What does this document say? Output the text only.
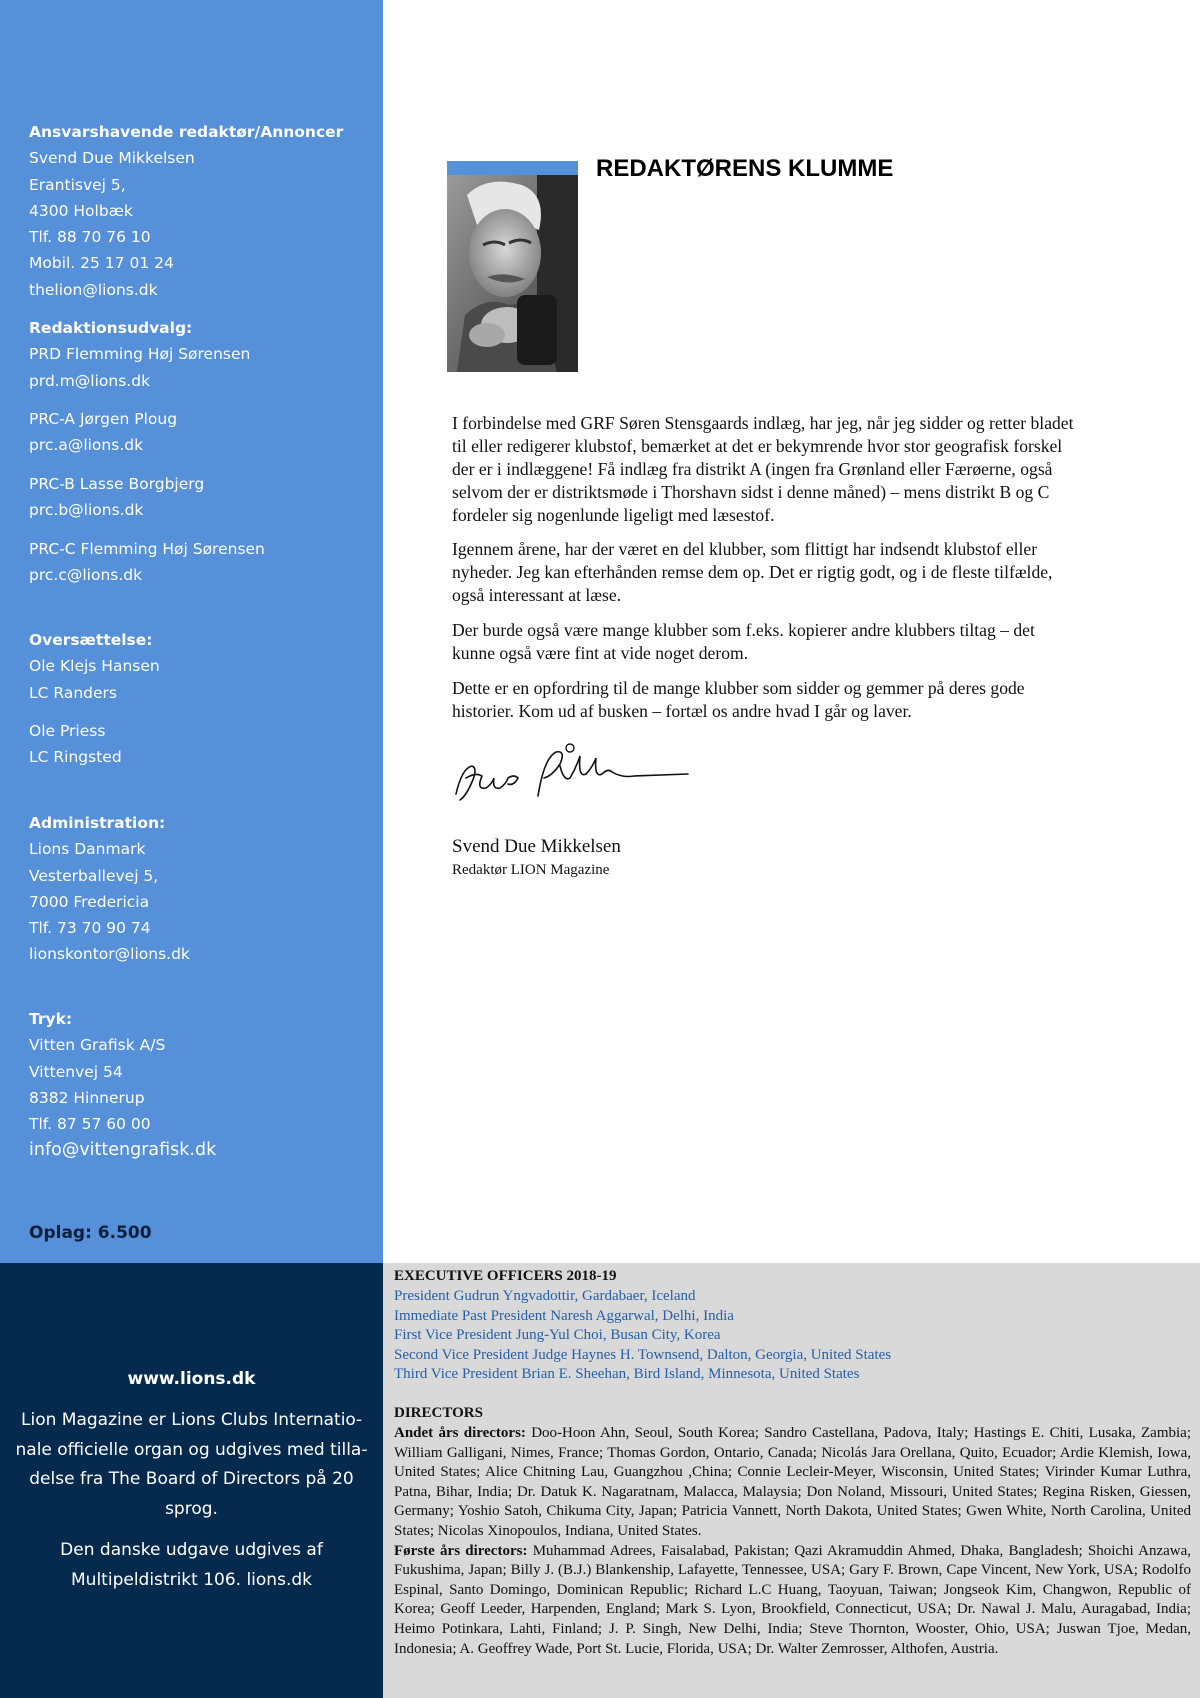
Ansvarshavende redaktør/Annoncer
Svend Due Mikkelsen
Erantisvej 5,
4300 Holbæk
Tlf. 88 70 76 10
Mobil. 25 17 01 24
thelion@lions.dk
Redaktionsudvalg:
PRD Flemming Høj Sørensen
prd.m@lions.dk
PRC-A Jørgen Ploug
prc.a@lions.dk
PRC-B Lasse Borgbjerg
prc.b@lions.dk
PRC-C Flemming Høj Sørensen
prc.c@lions.dk
Oversættelse:
Ole Klejs Hansen
LC Randers
Ole Priess
LC Ringsted
Administration:
Lions Danmark
Vesterballevej 5,
7000 Fredericia
Tlf. 73 70 90 74
lionskontor@lions.dk
Tryk:
Vitten Grafisk A/S
Vittenvej 54
8382 Hinnerup
Tlf. 87 57 60 00
info@vittengrafisk.dk
Oplag: 6.500
www.lions.dk
Lion Magazine er Lions Clubs Internationale officielle organ og udgives med tilladelse fra The Board of Directors på 20 sprog.
Den danske udgave udgives af Multipeldistrikt 106. lions.dk
EXECUTIVE OFFICERS 2018-19
President Gudrun Yngvadottir, Gardabaer, Iceland
Immediate Past President Naresh Aggarwal, Delhi, India
First Vice President Jung-Yul Choi, Busan City, Korea
Second Vice President Judge Haynes H. Townsend, Dalton, Georgia, United States
Third Vice President Brian E. Sheehan, Bird Island, Minnesota, United States
DIRECTORS

Andet års directors: Doo-Hoon Ahn, Seoul, South Korea; Sandro Castellana, Padova, Italy; Hastings E. Chiti, Lusaka, Zambia; William Galligani, Nimes, France; Thomas Gordon, Ontario, Canada; Nicolás Jara Orellana, Quito, Ecuador; Ardie Klemish, Iowa, United States; Alice Chitning Lau, Guangzhou ,China; Connie Lecleir-Meyer, Wisconsin, United States; Virinder Kumar Luthra, Patna, Bihar, India; Dr. Datuk K. Nagaratnam, Malacca, Malaysia; Don Noland, Missouri, United States; Regina Risken, Giessen, Germany; Yoshio Satoh, Chikuma City, Japan; Patricia Vannett, North Dakota, United States; Gwen White, North Carolina, United States; Nicolas Xinopoulos, Indiana, United States.

Første års directors: Muhammad Adrees, Faisalabad, Pakistan; Qazi Akramuddin Ahmed, Dhaka, Bangladesh; Shoichi Anzawa, Fukushima, Japan; Billy J. (B.J.) Blankenship, Lafayette, Tennessee, USA; Gary F. Brown, Cape Vincent, New York, USA; Rodolfo Espinal, Santo Domingo, Dominican Republic; Richard L.C Huang, Taoyuan, Taiwan; Jongseok Kim, Changwon, Republic of Korea; Geoff Leeder, Harpenden, England; Mark S. Lyon, Brookfield, Connecticut, USA; Dr. Nawal J. Malu, Auragabad, India; Heimo Potinkara, Lahti, Finland; J. P. Singh, New Delhi, India; Steve Thornton, Wooster, Ohio, USA; Juswan Tjoe, Medan, Indonesia; A. Geoffrey Wade, Port St. Lucie, Florida, USA; Dr. Walter Zemrosser, Althofen, Austria.

REDAKTØRENS KLUMME
I forbindelse med GRF Søren Stensgaards indlæg, har jeg, når jeg sidder og retter bladet til eller redigerer klubstof, bemærket at det er bekymrende hvor stor geografisk forskel der er i indlæggene! Få indlæg fra distrikt A (ingen fra Grønland eller Færøerne, også selvom der er distriktsmøde i Thorshavn sidst i denne måned) – mens distrikt B og C fordeler sig nogenlunde ligeligt med læsestof.
Igennem årene, har der været en del klubber, som flittigt har indsendt klubstof eller nyheder. Jeg kan efterhånden remse dem op. Det er rigtig godt, og i de fleste tilfælde, også interessant at læse.
Der burde også være mange klubber som f.eks. kopierer andre klubbers tiltag – det kunne også være fint at vide noget derom.
Dette er en opfordring til de mange klubber som sidder og gemmer på deres gode historier. Kom ud af busken – fortæl os andre hvad I går og laver.
Svend Due Mikkelsen
Redaktør LION Magazine
